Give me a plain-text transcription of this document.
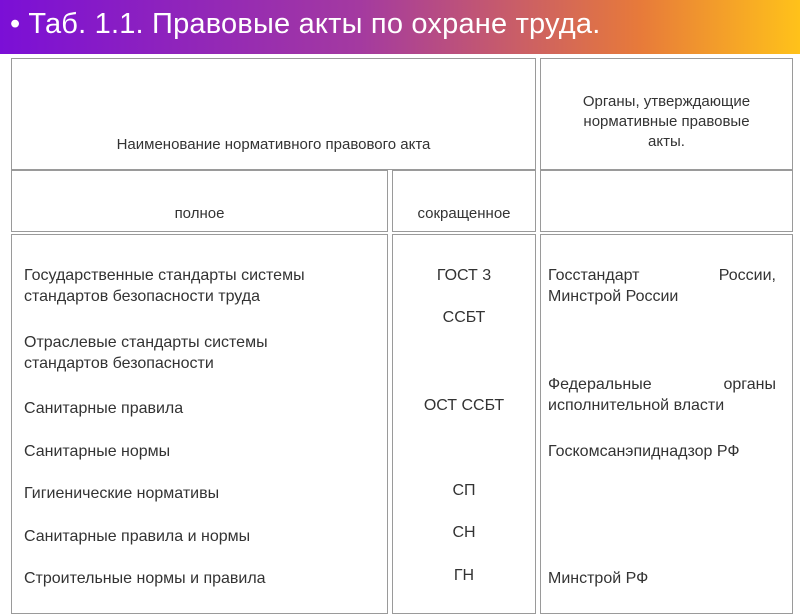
• Таб. 1.1. Правовые акты по охране труда.
Наименование нормативного правового акта
Органы, утверждающие
нормативные правовые
акты.
полное	сокращенное
Государственные стандарты системы
стандартов безопасности труда
Отраслевые стандарты системы
стандартов безопасности
Санитарные правила
Санитарные нормы
Гигиенические нормативы
Санитарные правила и нормы
Строительные нормы и правила
ГОСТ 3
ССБТ
ОСТ ССБТ
СП
СН
ГН
Госстандарт России,
Минстрой России
Федеральные органы
исполнительной власти
Госкомсанэпиднадзор РФ
Минстрой РФ
